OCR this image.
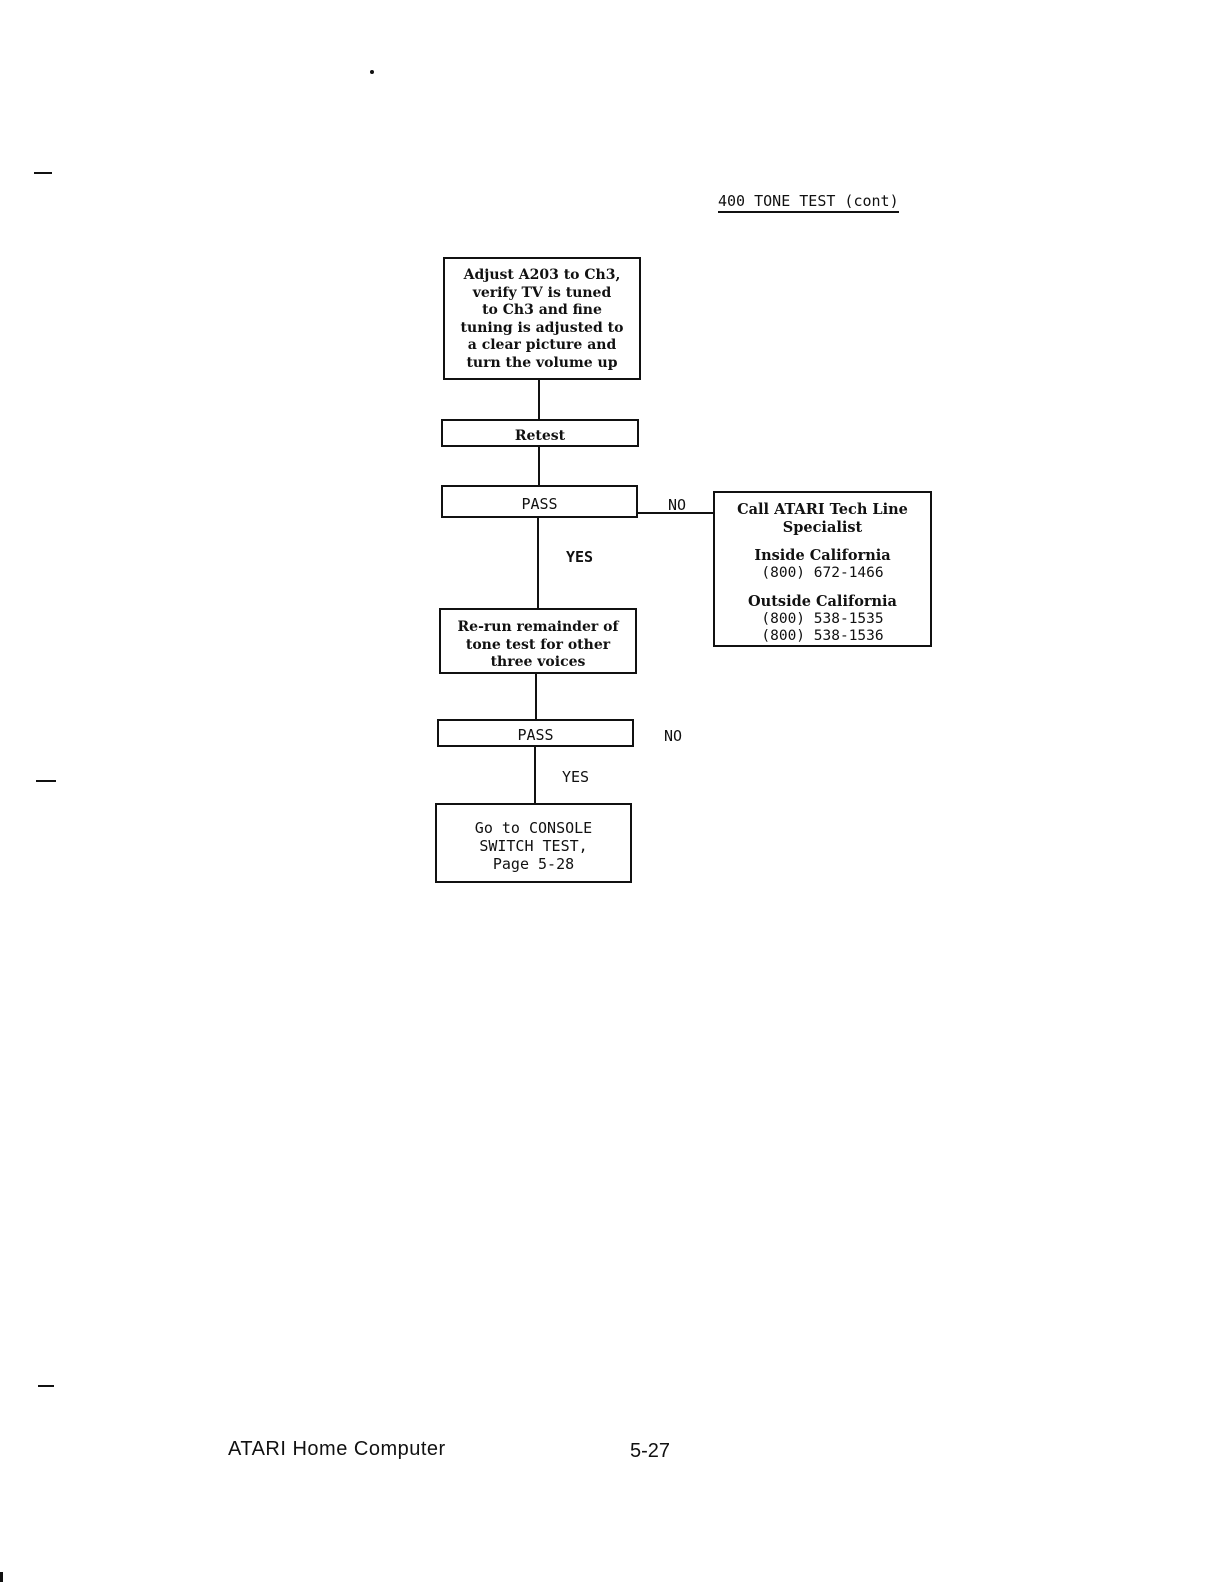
400 TONE TEST (cont)
Adjust A203 to Ch3,
verify TV is tuned
to Ch3 and fine
tuning is adjusted to
a clear picture and
turn the volume up
Retest
PASS	NO
YES
Call ATARI Tech Line
Specialist
Inside California
(800) 672-1466
Outside California
(800) 538-1535
(800) 538-1536
Re-run remainder of
tone test for other
three voices
PASS	NO
YES
Go to CONSOLE
SWITCH TEST,
Page 5-28
ATARI Home Computer	5-27
